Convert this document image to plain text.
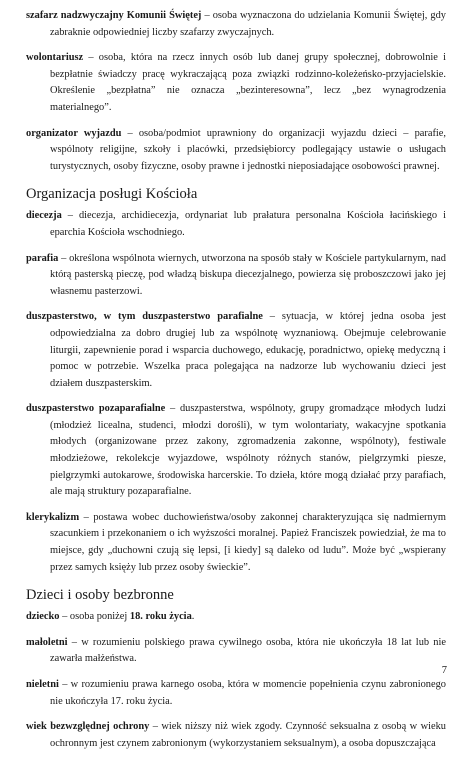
szafarz nadzwyczajny Komunii Świętej – osoba wyznaczona do udzielania Komunii Świętej, gdy zabraknie odpowiedniej liczby szafarzy zwyczajnych.

wolontariusz – osoba, która na rzecz innych osób lub danej grupy społecznej, dobrowolnie i bezpłatnie świadczy pracę wykraczającą poza związki rodzinno-koleżeńsko-przyjacielskie. Określenie „bezpłatna” nie oznacza „bezinteresowna”, lecz „bez wynagrodzenia materialnego”.

organizator wyjazdu – osoba/podmiot uprawniony do organizacji wyjazdu dzieci – parafie, wspólnoty religijne, szkoły i placówki, przedsiębiorcy podlegający ustawie o usługach turystycznych, osoby fizyczne, osoby prawne i jednostki nieposiadające osobowości prawnej.

Organizacja posługi Kościoła

diecezja – diecezja, archidiecezja, ordynariat lub prałatura personalna Kościoła łacińskiego i eparchia Kościoła wschodniego.

parafia – określona wspólnota wiernych, utworzona na sposób stały w Kościele partykularnym, nad którą pasterską pieczę, pod władzą biskupa diecezjalnego, powierza się proboszczowi jako jej własnemu pasterzowi.

duszpasterstwo, w tym duszpasterstwo parafialne – sytuacja, w której jedna osoba jest odpowiedzialna za dobro drugiej lub za wspólnotę wyznaniową. Obejmuje celebrowanie liturgii, zapewnienie porad i wsparcia duchowego, edukację, poradnictwo, opiekę medyczną i pomoc w potrzebie. Wszelka praca polegająca na nadzorze lub wychowaniu dzieci jest działem duszpasterskim.

duszpasterstwo pozaparafialne – duszpasterstwa, wspólnoty, grupy gromadzące młodych ludzi (młodzież licealna, studenci, młodzi dorośli), w tym wolontariaty, wakacyjne spotkania młodych (organizowane przez zakony, zgromadzenia zakonne, wspólnoty), festiwale młodzieżowe, rekolekcje wyjazdowe, wspólnoty różnych stanów, pielgrzymki piesze, pielgrzymki autokarowe, środowiska harcerskie. To dzieła, które mogą działać przy parafiach, ale mają struktury pozaparafialne.

klerykalizm – postawa wobec duchowieństwa/osoby zakonnej charakteryzująca się nadmiernym szacunkiem i przekonaniem o ich wyższości moralnej. Papież Franciszek powiedział, że ma to miejsce, gdy „duchowni czują się lepsi, [i kiedy] są daleko od ludu”. Może być „wspierany przez samych księży lub przez osoby świeckie”.

Dzieci i osoby bezbronne

dziecko – osoba poniżej 18. roku życia.

małoletni – w rozumieniu polskiego prawa cywilnego osoba, która nie ukończyła 18 lat lub nie zawarła małżeństwa.

nieletni – w rozumieniu prawa karnego osoba, która w momencie popełnienia czynu zabronionego nie ukończyła 17. roku życia.

wiek bezwzględnej ochrony – wiek niższy niż wiek zgody. Czynność seksualna z osobą w wieku ochronnym jest czynem zabronionym (wykorzystaniem seksualnym), a osoba dopuszczająca

7
